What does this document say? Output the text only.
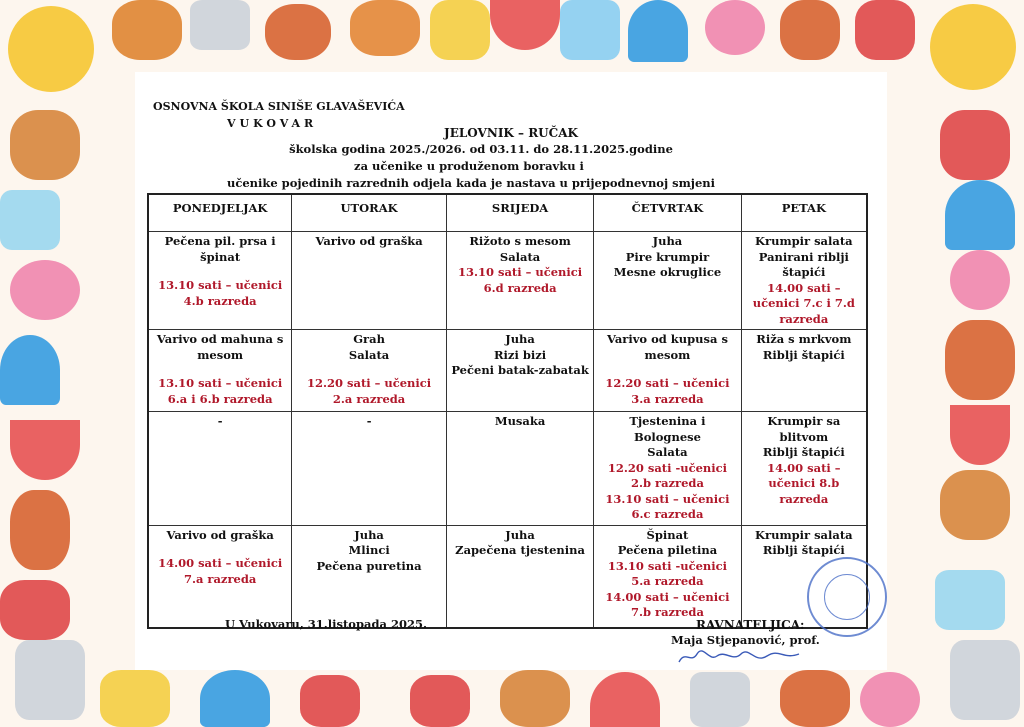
OSNOVNA ŠKOLA SINIŠE GLAVAŠEVIĆA
VUKOVAR
JELOVNIK – RUČAK
školska godina 2025./2026. od 03.11. do 28.11.2025.godine
za učenike u produženom boravku i
učenike pojedinih razrednih odjela kada je nastava u prijepodnevnoj smjeni
PONEDJELJAK	UTORAK	SRIJEDA	ČETVRTAK	PETAK

Pečena pil. prsa i špinat
13.10 sati – učenici 4.b razreda	Varivo od graška	Rižoto s mesom
Salata
13.10 sati – učenici 6.d razreda	Juha
Pire krumpir
Mesne okruglice	Krumpir salata
Panirani riblji štapići
14.00 sati – učenici 7.c i 7.d razreda

Varivo od mahuna s mesom
13.10 sati – učenici 6.a i 6.b razreda	Grah
Salata
12.20 sati – učenici 2.a razreda	Juha
Rizi bizi
Pečeni batak-zabatak	Varivo od kupusa s mesom
12.20 sati – učenici 3.a razreda	Riža s mrkvom
Riblji štapići

-	-	Musaka	Tjestenina i Bolognese
Salata
12.20 sati -učenici 2.b razreda
13.10 sati – učenici 6.c razreda	Krumpir sa blitvom
Riblji štapići
14.00 sati – učenici 8.b razreda

Varivo od graška
14.00 sati – učenici 7.a razreda	Juha
Mlinci
Pečena puretina	Juha
Zapečena tjestenina	Špinat
Pečena piletina
13.10 sati -učenici 5.a razreda
14.00 sati – učenici 7.b razreda	Krumpir salata
Riblji štapići
U Vukovaru, 31.listopada 2025.	RAVNATELJICA:
Maja Stjepanović, prof.
